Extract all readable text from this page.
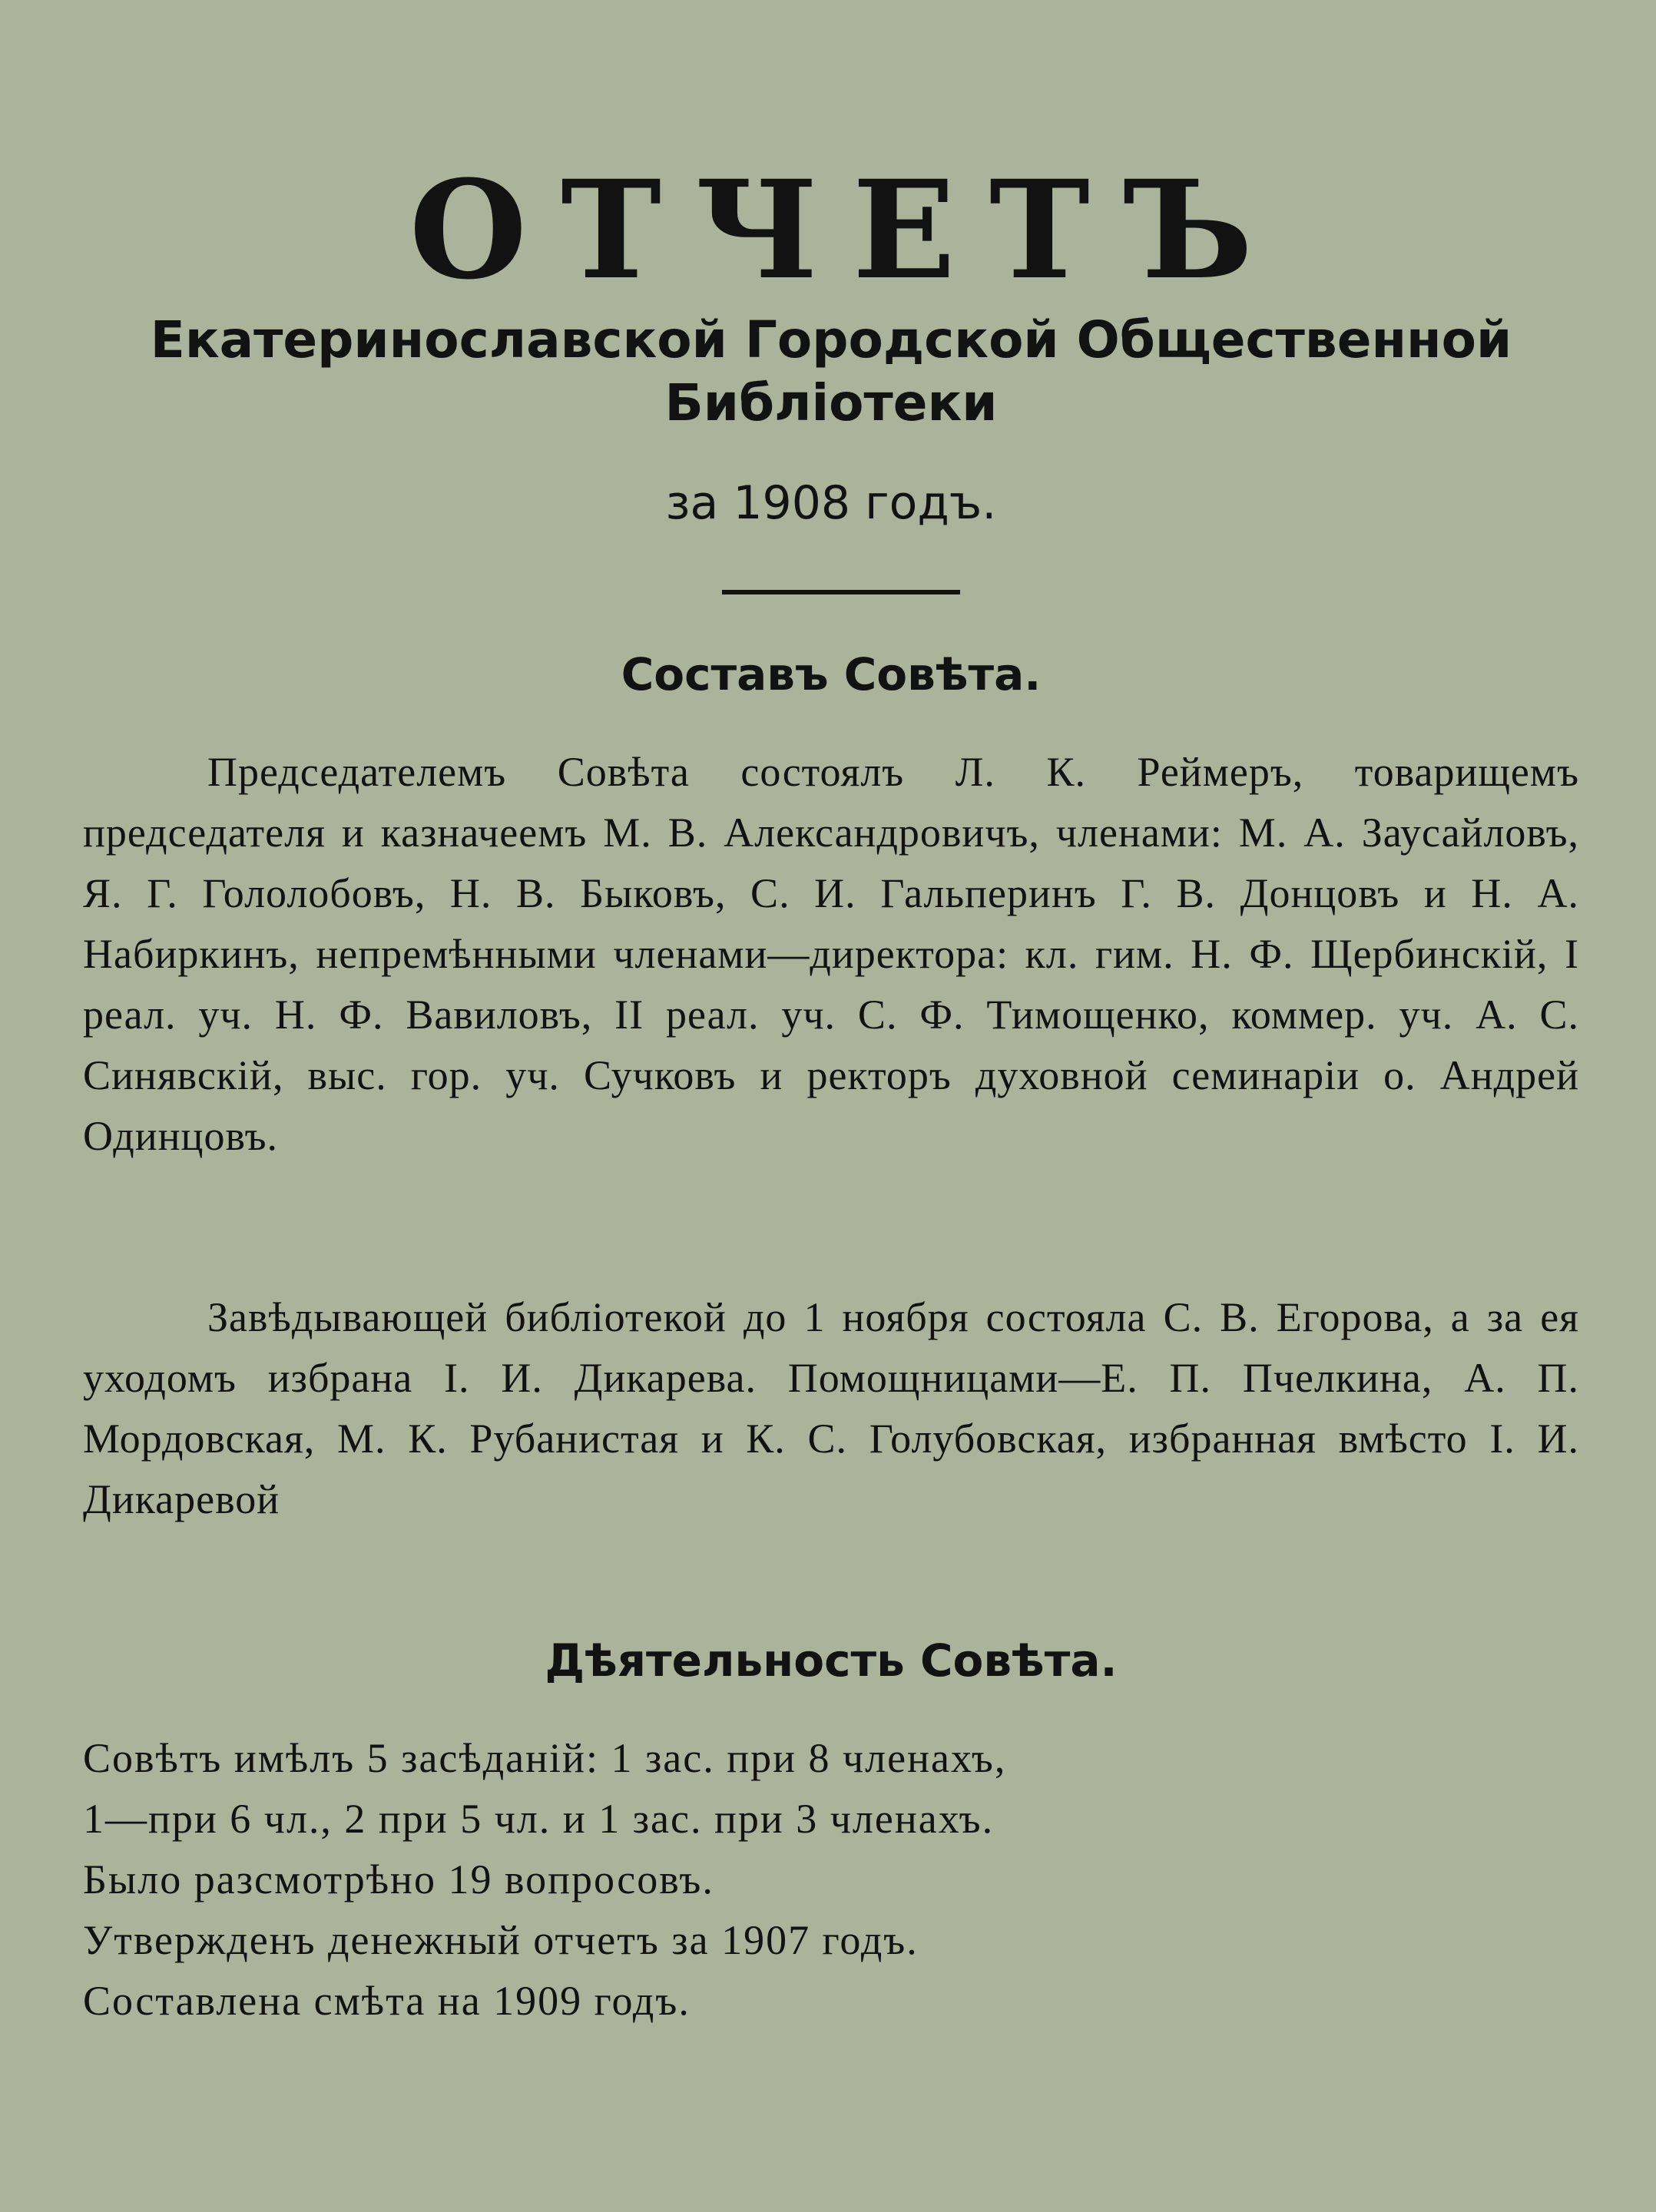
ОТЧЕТЪ
Екатеринославской Городской Общественной
Библіотеки
за 1908 годъ.
Составъ Совѣта.

Председателемъ Совѣта состоялъ Л. К. Реймеръ, товарищемъ председателя и казначеемъ М. В. Александровичъ, членами: М. А. Заусайловъ, Я. Г. Гололобовъ, Н. В. Быковъ, С. И. Гальперинъ Г. В. Донцовъ и Н. А. Набиркинъ, непремѣнными членами—директора: кл. гим. Н. Ф. Щербинскій, I реал. уч. Н. Ф. Вавиловъ, II реал. уч. С. Ф. Тимощенко, коммер. уч. А. С. Синявскій, выс. гор. уч. Сучковъ и ректоръ духовной семинаріи о. Андрей Одинцовъ.

Завѣдывающей библіотекой до 1 ноября состояла С. В. Егорова, а за ея уходомъ избрана I. И. Дикарева. Помощницами—Е. П. Пчелкина, А. П. Мордовская, М. К. Рубанистая и К. С. Голубовская, избранная вмѣсто I. И. Дикаревой

Дѣятельность Совѣта.
Совѣтъ имѣлъ 5 засѣданій: 1 зас. при 8 членахъ,
1—при 6 чл., 2 при 5 чл. и 1 зас. при 3 членахъ.
Было разсмотрѣно 19 вопросовъ.
Утвержденъ денежный отчетъ за 1907 годъ.
Составлена смѣта на 1909 годъ.
